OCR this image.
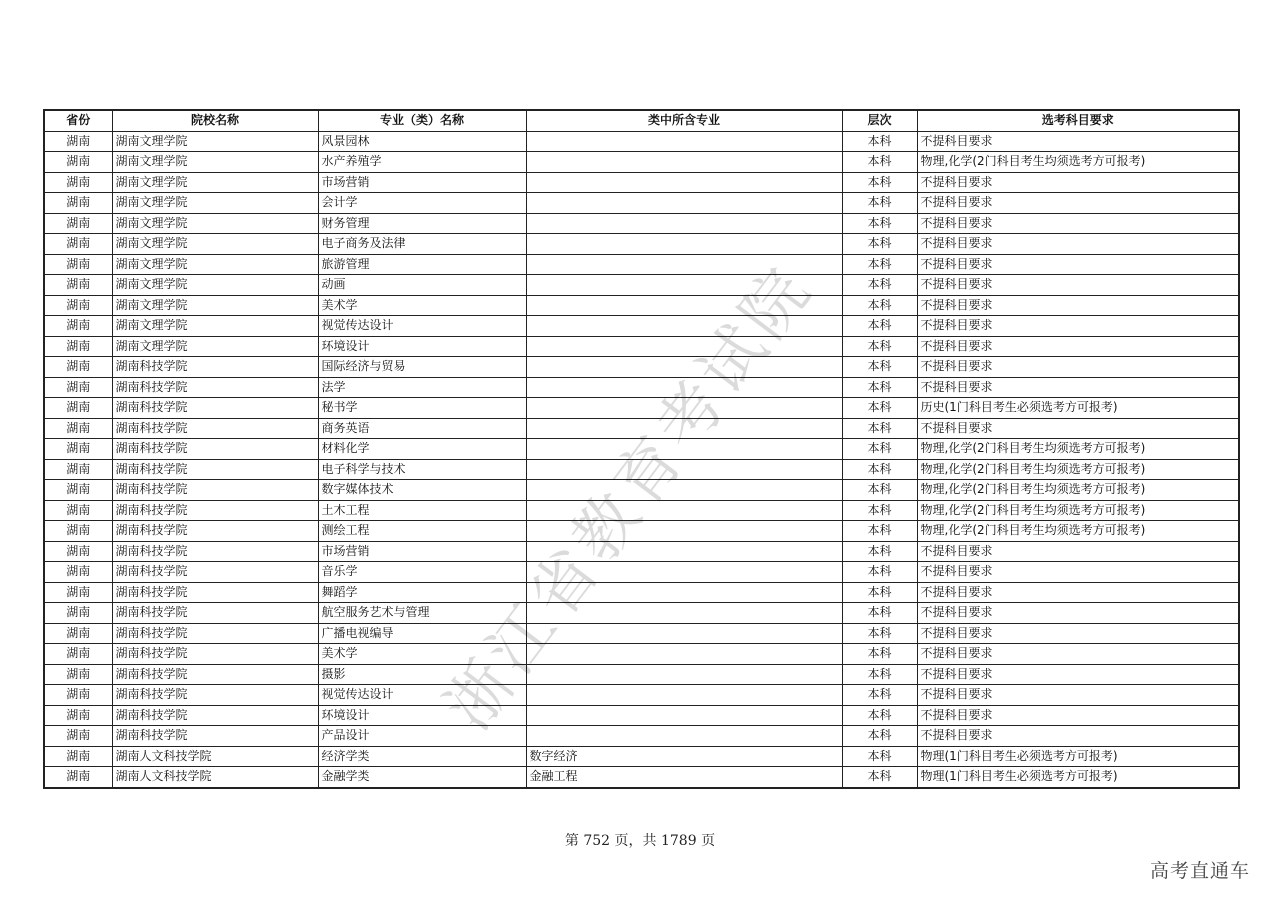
省份	院校名称	专业（类）名称	类中所含专业	层次	选考科目要求
湖南	湖南文理学院	风景园林		本科	不提科目要求
湖南	湖南文理学院	水产养殖学		本科	物理,化学(2门科目考生均须选考方可报考)
湖南	湖南文理学院	市场营销		本科	不提科目要求
湖南	湖南文理学院	会计学		本科	不提科目要求
湖南	湖南文理学院	财务管理		本科	不提科目要求
湖南	湖南文理学院	电子商务及法律		本科	不提科目要求
湖南	湖南文理学院	旅游管理		本科	不提科目要求
湖南	湖南文理学院	动画		本科	不提科目要求
湖南	湖南文理学院	美术学		本科	不提科目要求
湖南	湖南文理学院	视觉传达设计		本科	不提科目要求
湖南	湖南文理学院	环境设计		本科	不提科目要求
湖南	湖南科技学院	国际经济与贸易		本科	不提科目要求
湖南	湖南科技学院	法学		本科	不提科目要求
湖南	湖南科技学院	秘书学		本科	历史(1门科目考生必须选考方可报考)
湖南	湖南科技学院	商务英语		本科	不提科目要求
湖南	湖南科技学院	材料化学		本科	物理,化学(2门科目考生均须选考方可报考)
湖南	湖南科技学院	电子科学与技术		本科	物理,化学(2门科目考生均须选考方可报考)
湖南	湖南科技学院	数字媒体技术		本科	物理,化学(2门科目考生均须选考方可报考)
湖南	湖南科技学院	土木工程		本科	物理,化学(2门科目考生均须选考方可报考)
湖南	湖南科技学院	测绘工程		本科	物理,化学(2门科目考生均须选考方可报考)
湖南	湖南科技学院	市场营销		本科	不提科目要求
湖南	湖南科技学院	音乐学		本科	不提科目要求
湖南	湖南科技学院	舞蹈学		本科	不提科目要求
湖南	湖南科技学院	航空服务艺术与管理		本科	不提科目要求
湖南	湖南科技学院	广播电视编导		本科	不提科目要求
湖南	湖南科技学院	美术学		本科	不提科目要求
湖南	湖南科技学院	摄影		本科	不提科目要求
湖南	湖南科技学院	视觉传达设计		本科	不提科目要求
湖南	湖南科技学院	环境设计		本科	不提科目要求
湖南	湖南科技学院	产品设计		本科	不提科目要求
湖南	湖南人文科技学院	经济学类	数字经济	本科	物理(1门科目考生必须选考方可报考)
湖南	湖南人文科技学院	金融学类	金融工程	本科	物理(1门科目考生必须选考方可报考)
浙江省教育考试院
第 752 页，共 1789 页
高考直通车
